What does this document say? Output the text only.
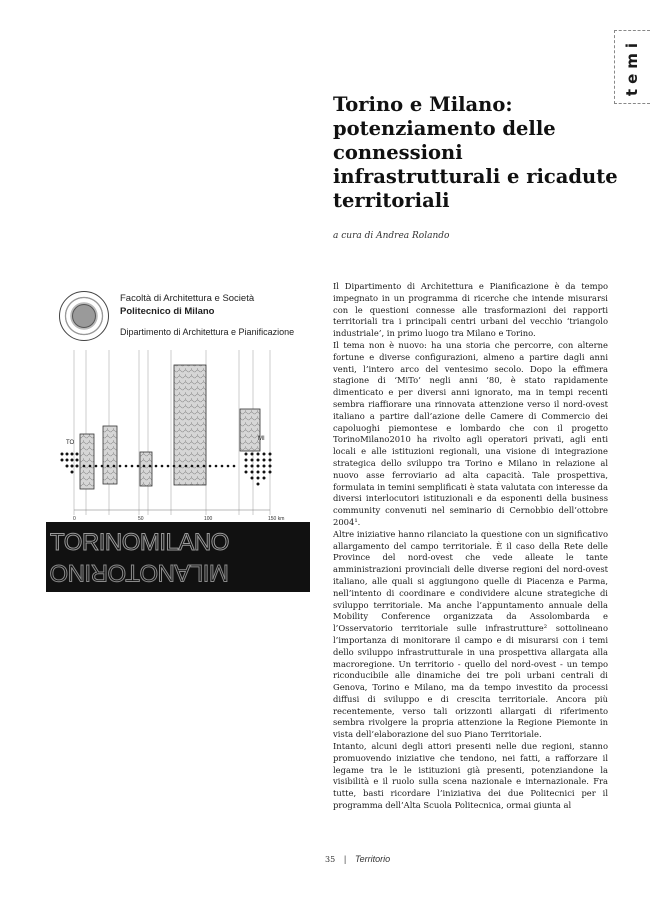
temi
Torino e Milano: potenziamento delle connessioni infrastrutturali e ricadute territoriali
a cura di Andrea Rolando
Facoltà di Architettura e Società
Politecnico di Milano
Dipartimento di Architettura e Pianificazione
TO
MI
0	50	100	150 km

TORINOMILANO

MILANOTORINO

Il Dipartimento di Architettura e Pianificazione è da tempo impegnato in un programma di ricerche che intende misurarsi con le questioni connesse alle trasformazioni dei rapporti territoriali tra i principali centri urbani del vecchio ‘triangolo industriale’, in primo luogo tra Milano e Torino.

Il tema non è nuovo: ha una storia che percorre, con alterne fortune e diverse configurazioni, almeno a partire dagli anni venti, l’intero arco del ventesimo secolo. Dopo la effimera stagione di ‘MiTo’ negli anni ’80, è stato rapidamente dimenticato e per diversi anni ignorato, ma in tempi recenti sembra riaffiorare una rinnovata attenzione verso il nord-ovest italiano a partire dall’azione delle Camere di Commercio dei capoluoghi piemontese e lombardo che con il progetto TorinoMilano2010 ha rivolto agli operatori privati, agli enti locali e alle istituzioni regionali, una visione di integrazione strategica dello sviluppo tra Torino e Milano in relazione al nuovo asse ferroviario ad alta capacità. Tale prospettiva, formulata in temini semplificati è stata valutata con interesse da diversi interlocutori istituzionali e da esponenti della business community convenuti nel seminario di Cernobbio dell’ottobre 2004¹.

Altre iniziative hanno rilanciato la questione con un significativo allargamento del campo territoriale. È il caso della Rete delle Province del nord-ovest che vede alleate le tante amministrazioni provinciali delle diverse regioni del nord-ovest italiano, alle quali si aggiungono quelle di Piacenza e Parma, nell’intento di coordinare e condividere alcune strategiche di sviluppo territoriale. Ma anche l’appuntamento annuale della Mobility Conference organizzata da Assolombarda e l’Osservatorio territoriale sulle infrastrutture² sottolineano l’importanza di monitorare il campo e di misurarsi con i temi dello sviluppo infrastrutturale in una prospettiva allargata alla macroregione. Un territorio - quello del nord-ovest - un tempo riconducibile alle dinamiche dei tre poli urbani centrali di Genova, Torino e Milano, ma da tempo investito da processi diffusi di sviluppo e di crescita territoriale. Ancora più recentemente, verso tali orizzonti allargati di riferimento sembra rivolgere la propria attenzione la Regione Piemonte in vista dell’elaborazione del suo Piano Territoriale.

Intanto, alcuni degli attori presenti nelle due regioni, stanno promuovendo iniziative che tendono, nei fatti, a rafforzare il legame tra le le istituzioni già presenti, potenziandone la visibilità e il ruolo sulla scena nazionale e internazionale. Fra tutte, basti ricordare l’iniziativa dei due Politecnici per il programma dell’Alta Scuola Politecnica, ormai giunta al

35 | Territorio
